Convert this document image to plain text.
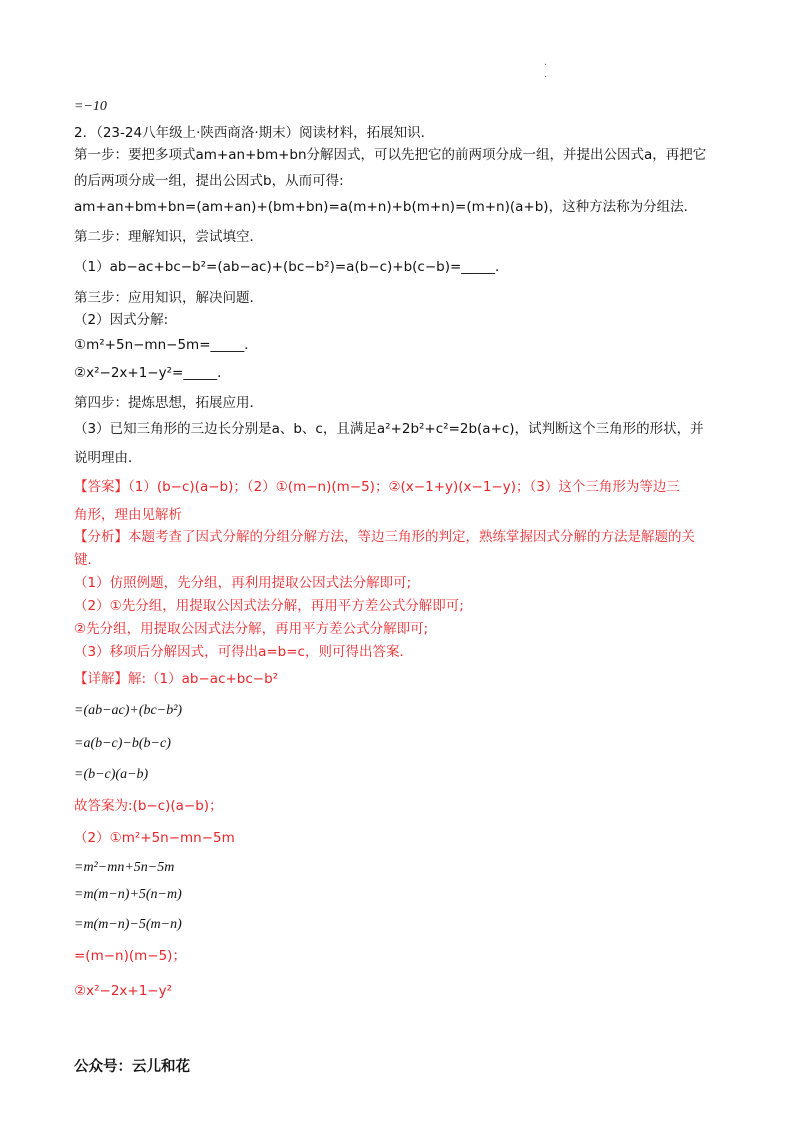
.
.
=−10
2．（23-24八年级上·陕西商洛·期末）阅读材料，拓展知识．
第一步：要把多项式am+an+bm+bn分解因式，可以先把它的前两项分成一组，并提出公因式a，再把它
的后两项分成一组，提出公因式b，从而可得:
am+an+bm+bn=(am+an)+(bm+bn)=a(m+n)+b(m+n)=(m+n)(a+b)，这种方法称为分组法．
第二步：理解知识，尝试填空．
（1）ab−ac+bc−b²=(ab−ac)+(bc−b²)=a(b−c)+b(c−b)=_____．
第三步：应用知识，解决问题．
（2）因式分解:
①m²+5n−mn−5m=_____．
②x²−2x+1−y²=_____．
第四步：提炼思想，拓展应用．
（3）已知三角形的三边长分别是a、b、c，且满足a²+2b²+c²=2b(a+c)，试判断这个三角形的形状，并
说明理由．
【答案】（1）(b−c)(a−b)；（2）①(m−n)(m−5)；②(x−1+y)(x−1−y)；（3）这个三角形为等边三
角形，理由见解析
【分析】本题考查了因式分解的分组分解方法，等边三角形的判定，熟练掌握因式分解的方法是解题的关
键．
（1）仿照例题，先分组，再利用提取公因式法分解即可;
（2）①先分组，用提取公因式法分解，再用平方差公式分解即可;
②先分组，用提取公因式法分解，再用平方差公式分解即可;
（3）移项后分解因式，可得出a=b=c，则可得出答案．
【详解】解:（1）ab−ac+bc−b²
=(ab−ac)+(bc−b²)
=a(b−c)−b(b−c)
=(b−c)(a−b)
故答案为:(b−c)(a−b)；
（2）①m²+5n−mn−5m
=m²−mn+5n−5m
=m(m−n)+5(n−m)
=m(m−n)−5(m−n)
=(m−n)(m−5)；
②x²−2x+1−y²
公众号：云儿和花
